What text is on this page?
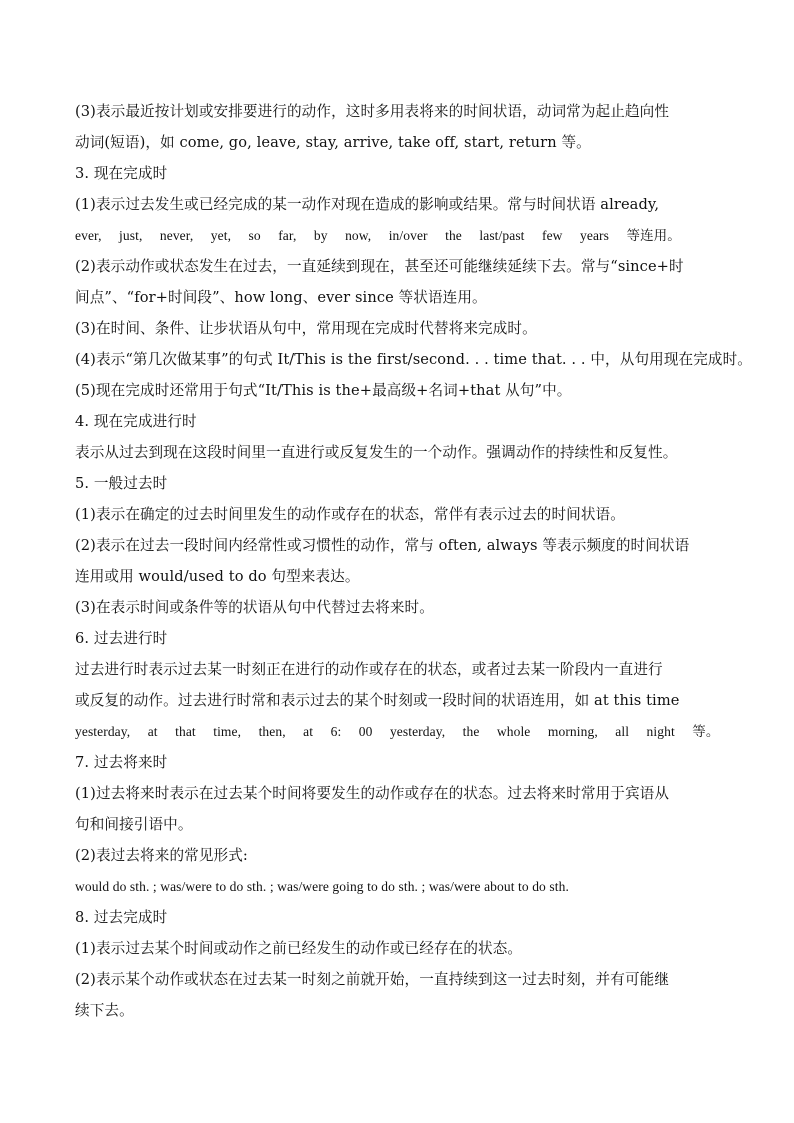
(3)表示最近按计划或安排要进行的动作，这时多用表将来的时间状语，动词常为起止趋向性
动词(短语)，如 come, go, leave, stay, arrive, take off, start, return 等。
3. 现在完成时
(1)表示过去发生或已经完成的某一动作对现在造成的影响或结果。常与时间状语 already,
ever, just, never, yet, so far, by now, in/over the last/past few years 等连用。
(2)表示动作或状态发生在过去，一直延续到现在，甚至还可能继续延续下去。常与“since+时
间点”、“for+时间段”、how long、ever since 等状语连用。
(3)在时间、条件、让步状语从句中，常用现在完成时代替将来完成时。
(4)表示“第几次做某事”的句式 It/This is the first/second. . . time that. . . 中，从句用现在完成时。
(5)现在完成时还常用于句式“It/This is the+最高级+名词+that 从句”中。
4. 现在完成进行时
表示从过去到现在这段时间里一直进行或反复发生的一个动作。强调动作的持续性和反复性。
5. 一般过去时
(1)表示在确定的过去时间里发生的动作或存在的状态，常伴有表示过去的时间状语。
(2)表示在过去一段时间内经常性或习惯性的动作，常与 often, always 等表示频度的时间状语
连用或用 would/used to do 句型来表达。
(3)在表示时间或条件等的状语从句中代替过去将来时。
6. 过去进行时
过去进行时表示过去某一时刻正在进行的动作或存在的状态，或者过去某一阶段内一直进行
或反复的动作。过去进行时常和表示过去的某个时刻或一段时间的状语连用，如 at this time
yesterday, at that time, then, at 6: 00 yesterday, the whole morning, all night 等。
7. 过去将来时
(1)过去将来时表示在过去某个时间将要发生的动作或存在的状态。过去将来时常用于宾语从
句和间接引语中。
(2)表过去将来的常见形式:
would do sth. ; was/were to do sth. ; was/were going to do sth. ; was/were about to do sth.
8. 过去完成时
(1)表示过去某个时间或动作之前已经发生的动作或已经存在的状态。
(2)表示某个动作或状态在过去某一时刻之前就开始，一直持续到这一过去时刻，并有可能继
续下去。
